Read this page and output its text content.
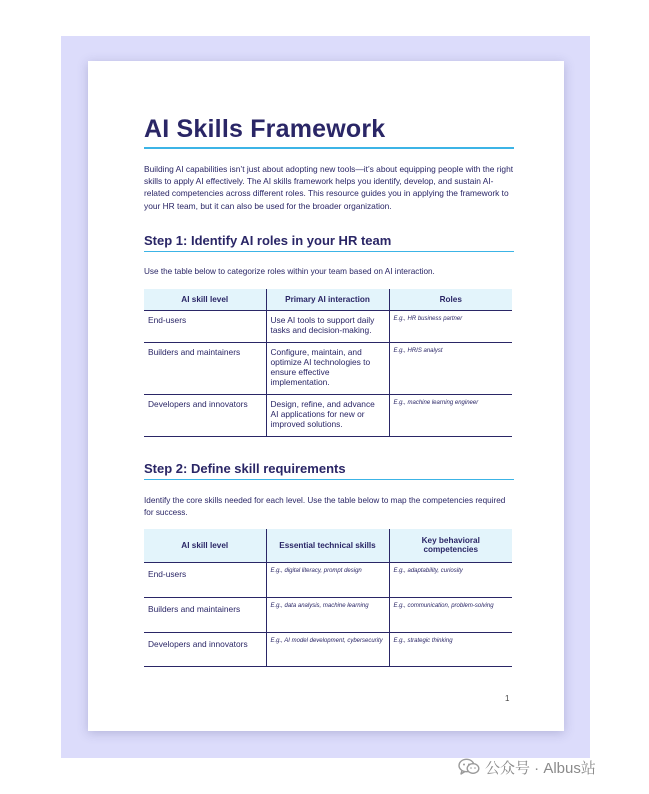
AI Skills Framework

Building AI capabilities isn’t just about adopting new tools—it’s about equipping people with the right skills to apply AI effectively. The AI skills framework helps you identify, develop, and sustain AI-related competencies across different roles. This resource guides you in applying the framework to your HR team, but it can also be used for the broader organization.

Step 1: Identify AI roles in your HR team

Use the table below to categorize roles within your team based on AI interaction.

AI skill level	Primary AI interaction	Roles
End-users	Use AI tools to support daily tasks and decision-making.	E.g., HR business partner
Builders and maintainers	Configure, maintain, and optimize AI technologies to ensure effective implementation.	E.g., HRIS analyst
Developers and innovators	Design, refine, and advance AI applications for new or improved solutions.	E.g., machine learning engineer
Step 2: Define skill requirements

Identify the core skills needed for each level. Use the table below to map the competencies required for success.

AI skill level	Essential technical skills	Key behavioral competencies
End-users	E.g., digital literacy, prompt design	E.g., adaptability, curiosity
Builders and maintainers	E.g., data analysis, machine learning	E.g., communication, problem-solving
Developers and innovators	E.g., AI model development, cybersecurity	E.g., strategic thinking
1
公众号 · Albus站
